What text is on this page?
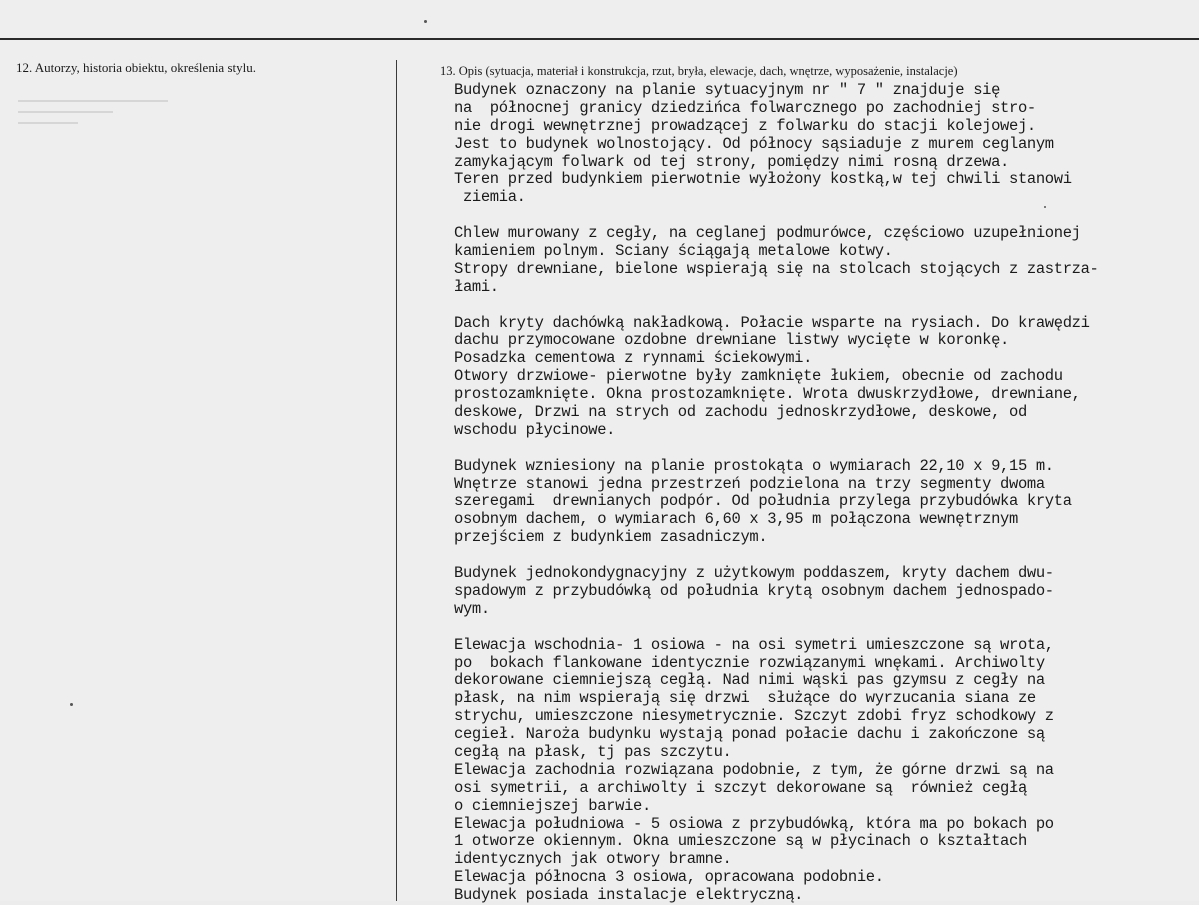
12. Autorzy, historia obiektu, określenia stylu.	13. Opis (sytuacja, materiał i konstrukcja, rzut, bryła, elewacje, dach, wnętrze, wyposażenie, instalacje)
Budynek oznaczony na planie sytuacyjnym nr " 7 " znajduje się
na  północnej granicy dziedzińca folwarcznego po zachodniej stro-
nie drogi wewnętrznej prowadzącej z folwarku do stacji kolejowej.
Jest to budynek wolnostojący. Od północy sąsiaduje z murem ceglanym
zamykającym folwark od tej strony, pomiędzy nimi rosną drzewa.
Teren przed budynkiem pierwotnie wyłożony kostką,w tej chwili stanowi
ziemia.
Chlew murowany z cegły, na ceglanej podmurówce, częściowo uzupełnionej
kamieniem polnym. Sciany ściągają metalowe kotwy.
Stropy drewniane, bielone wspierają się na stolcach stojących z zastrza-
łami.
Dach kryty dachówką nakładkową. Połacie wsparte na rysiach. Do krawędzi
dachu przymocowane ozdobne drewniane listwy wycięte w koronkę.
Posadzka cementowa z rynnami ściekowymi.
Otwory drzwiowe- pierwotne były zamknięte łukiem, obecnie od zachodu
prostozamknięte. Okna prostozamknięte. Wrota dwuskrzydłowe, drewniane,
deskowe, Drzwi na strych od zachodu jednoskrzydłowe, deskowe, od
wschodu płycinowe.
Budynek wzniesiony na planie prostokąta o wymiarach 22,10 x 9,15 m.
Wnętrze stanowi jedna przestrzeń podzielona na trzy segmenty dwoma
szeregami  drewnianych podpór. Od południa przylega przybudówka kryta
osobnym dachem, o wymiarach 6,60 x 3,95 m połączona wewnętrznym
przejściem z budynkiem zasadniczym.
Budynek jednokondygnacyjny z użytkowym poddaszem, kryty dachem dwu-
spadowym z przybudówką od południa krytą osobnym dachem jednospado-
wym.
Elewacja wschodnia- 1 osiowa - na osi symetri umieszczone są wrota,
po  bokach flankowane identycznie rozwiązanymi wnękami. Archiwolty
dekorowane ciemniejszą cegłą. Nad nimi wąski pas gzymsu z cegły na
płask, na nim wspierają się drzwi  służące do wyrzucania siana ze
strychu, umieszczone niesymetrycznie. Szczyt zdobi fryz schodkowy z
cegieł. Naroża budynku wystają ponad połacie dachu i zakończone są
cegłą na płask, tj pas szczytu.
Elewacja zachodnia rozwiązana podobnie, z tym, że górne drzwi są na
osi symetrii, a archiwolty i szczyt dekorowane są  również cegłą
o ciemniejszej barwie.
Elewacja południowa - 5 osiowa z przybudówką, która ma po bokach po
1 otworze okiennym. Okna umieszczone są w płycinach o kształtach
identycznych jak otwory bramne.
Elewacja północna 3 osiowa, opracowana podobnie.
Budynek posiada instalacje elektryczną.
